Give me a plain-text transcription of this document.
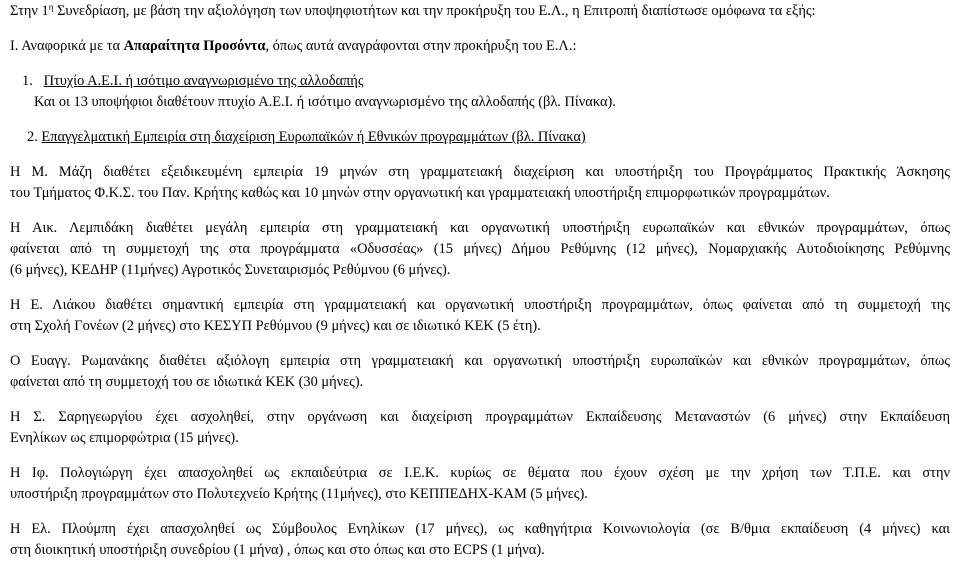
Στην $1^\eta$ Συνεδρίαση, με βάση την αξιολόγηση των υποψηφιοτήτων και την προκήρυξη του Ε.Λ., η Επιτροπή διαπίστωσε ομόφωνα τα εξής:
Ι. Αναφορικά με τα Απαραίτητα Προσόντα, όπως αυτά αναγράφονται στην προκήρυξη του Ε.Λ.:
1. Πτυχίο Α.Ε.Ι. ή ισότιμο αναγνωρισμένο της αλλοδαπής
Και οι 13 υποψήφιοι διαθέτουν πτυχίο Α.Ε.Ι. ή ισότιμο αναγνωρισμένο της αλλοδαπής (βλ. Πίνακα).
2. Επαγγελματική Εμπειρία στη διαχείριση Ευρωπαϊκών ή Εθνικών προγραμμάτων (βλ. Πίνακα)
Η Μ. Μάζη διαθέτει εξειδικευμένη εμπειρία 19 μηνών στη γραμματειακή διαχείριση και υποστήριξη του Προγράμματος Πρακτικής Άσκησης
του Τμήματος Φ.Κ.Σ. του Παν. Κρήτης καθώς και 10 μηνών στην οργανωτική και γραμματειακή υποστήριξη επιμορφωτικών προγραμμάτων.
Η Αικ. Λεμπιδάκη διαθέτει μεγάλη εμπειρία στη γραμματειακή και οργανωτική υποστήριξη ευρωπαϊκών και εθνικών προγραμμάτων, όπως
φαίνεται από τη συμμετοχή της στα προγράμματα «Οδυσσέας» (15 μήνες) Δήμου Ρεθύμνης (12 μήνες), Νομαρχιακής Αυτοδιοίκησης Ρεθύμνης
(6 μήνες), ΚΕΔΗΡ (11μήνες) Αγροτικός Συνεταιρισμός Ρεθύμνου (6 μήνες).
Η Ε. Λιάκου διαθέτει σημαντική εμπειρία στη γραμματειακή και οργανωτική υποστήριξη προγραμμάτων, όπως φαίνεται από τη συμμετοχή της
στη Σχολή Γονέων (2 μήνες) στο ΚΕΣΥΠ Ρεθύμνου (9 μήνες) και σε ιδιωτικό ΚΕΚ (5 έτη).
Ο Ευαγγ. Ρωμανάκης διαθέτει αξιόλογη εμπειρία στη γραμματειακή και οργανωτική υποστήριξη ευρωπαϊκών και εθνικών προγραμμάτων, όπως
φαίνεται από τη συμμετοχή του σε ιδιωτικά ΚΕΚ (30 μήνες).
Η Σ. Σαρηγεωργίου έχει ασχοληθεί, στην οργάνωση και διαχείριση προγραμμάτων Εκπαίδευσης Μεταναστών (6 μήνες) στην Εκπαίδευση
Ενηλίκων ως επιμορφώτρια (15 μήνες).
Η Ιφ. Πολογιώργη έχει απασχοληθεί ως εκπαιδεύτρια σε Ι.Ε.Κ. κυρίως σε θέματα που έχουν σχέση με την χρήση των Τ.Π.Ε. και στην
υποστήριξη προγραμμάτων στο Πολυτεχνείο Κρήτης (11μήνες), στο ΚΕΠΠΕΔΗΧ-ΚΑΜ (5 μήνες).
Η Ελ. Πλούμπη έχει απασχοληθεί ως Σύμβουλος Ενηλίκων (17 μήνες), ως καθηγήτρια Κοινωνιολογία (σε Β/θμια εκπαίδευση (4 μήνες) και
στη διοικητική υποστήριξη συνεδρίου (1 μήνα) , όπως και στο όπως και στο ECPS (1 μήνα).
